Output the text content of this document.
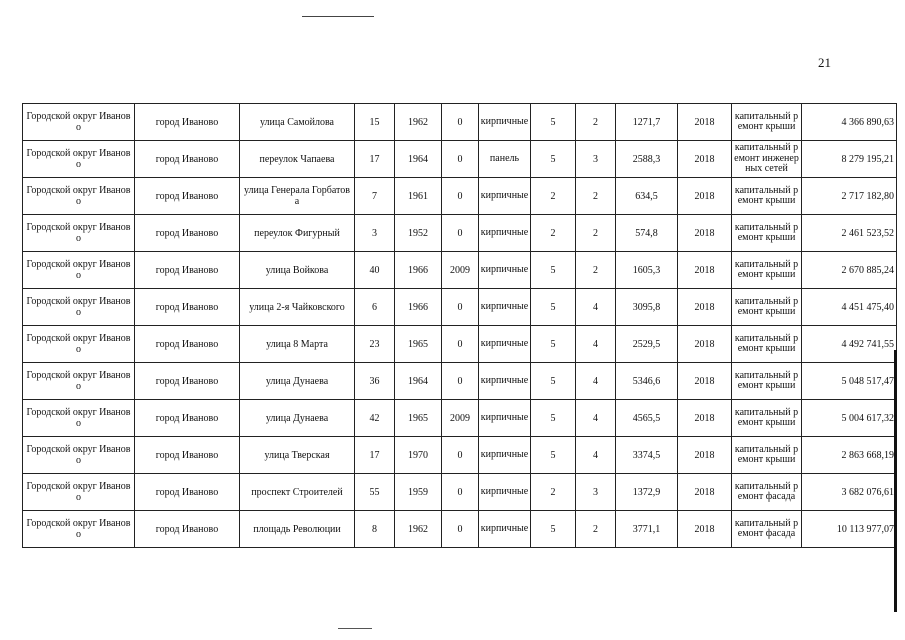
21
Городской округ Иваново	город Иваново	улица Самойлова	15	1962	0	кирпичные	5	2	1271,7	2018	капитальный ремонт крыши	4 366 890,63
Городской округ Иваново	город Иваново	переулок Чапаева	17	1964	0	панель	5	3	2588,3	2018	капитальный ремонт инженерных сетей	8 279 195,21
Городской округ Иваново	город Иваново	улица Генерала Горбатова	7	1961	0	кирпичные	2	2	634,5	2018	капитальный ремонт крыши	2 717 182,80
Городской округ Иваново	город Иваново	переулок Фигурный	3	1952	0	кирпичные	2	2	574,8	2018	капитальный ремонт крыши	2 461 523,52
Городской округ Иваново	город Иваново	улица Войкова	40	1966	2009	кирпичные	5	2	1605,3	2018	капитальный ремонт крыши	2 670 885,24
Городской округ Иваново	город Иваново	улица 2-я Чайковского	6	1966	0	кирпичные	5	4	3095,8	2018	капитальный ремонт крыши	4 451 475,40
Городской округ Иваново	город Иваново	улица 8 Марта	23	1965	0	кирпичные	5	4	2529,5	2018	капитальный ремонт крыши	4 492 741,55
Городской округ Иваново	город Иваново	улица Дунаева	36	1964	0	кирпичные	5	4	5346,6	2018	капитальный ремонт крыши	5 048 517,47
Городской округ Иваново	город Иваново	улица Дунаева	42	1965	2009	кирпичные	5	4	4565,5	2018	капитальный ремонт крыши	5 004 617,32
Городской округ Иваново	город Иваново	улица Тверская	17	1970	0	кирпичные	5	4	3374,5	2018	капитальный ремонт крыши	2 863 668,19
Городской округ Иваново	город Иваново	проспект Строителей	55	1959	0	кирпичные	2	3	1372,9	2018	капитальный ремонт фасада	3 682 076,61
Городской округ Иваново	город Иваново	площадь Революции	8	1962	0	кирпичные	5	2	3771,1	2018	капитальный ремонт фасада	10 113 977,07
